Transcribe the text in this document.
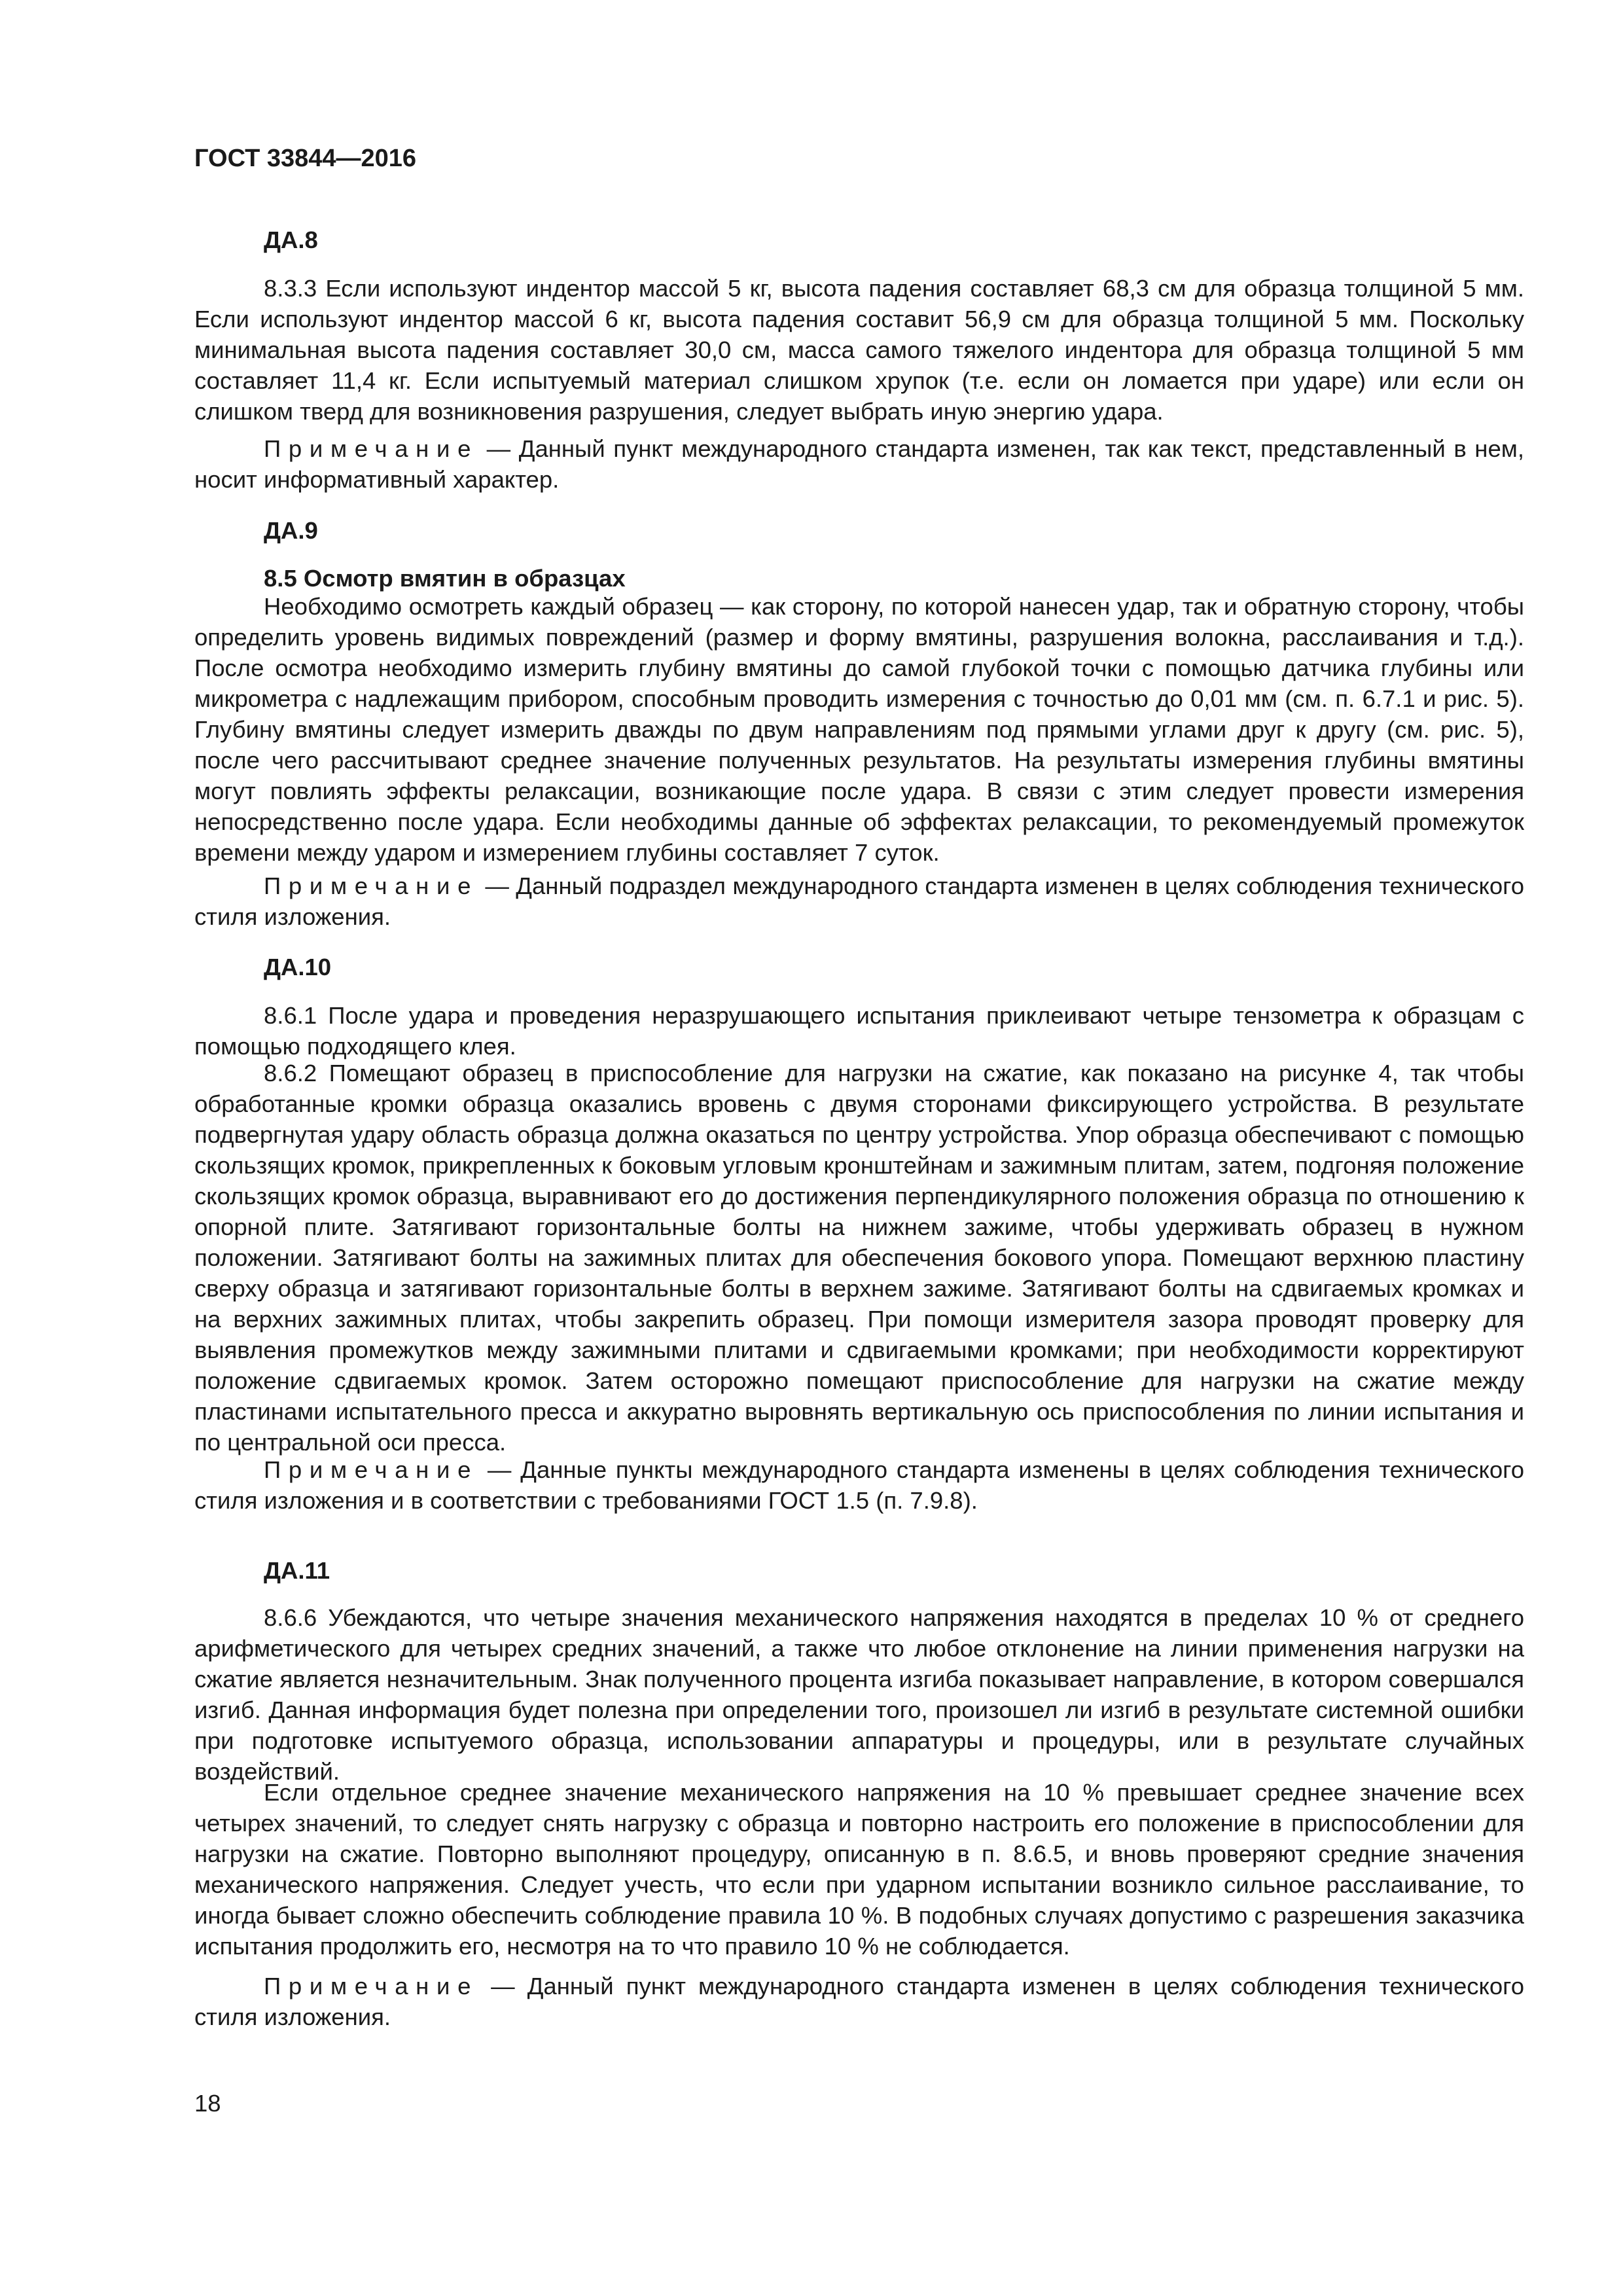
ГОСТ 33844—2016
ДА.8

8.3.3 Если используют индентор массой 5 кг, высота падения составляет 68,3 см для образца толщиной 5 мм. Если используют индентор массой 6 кг, высота падения составит 56,9 см для образца толщиной 5 мм. Поскольку минимальная высота падения составляет 30,0 см, масса самого тяжелого индентора для образца толщиной 5 мм составляет 11,4 кг. Если испытуемый материал слишком хрупок (т.е. если он ломается при ударе) или если он слишком тверд для возникновения разрушения, следует выбрать иную энергию удара.

Примечание — Данный пункт международного стандарта изменен, так как текст, представленный в нем, носит информативный характер.

ДА.9
8.5 Осмотр вмятин в образцах

Необходимо осмотреть каждый образец — как сторону, по которой нанесен удар, так и обратную сторону, чтобы определить уровень видимых повреждений (размер и форму вмятины, разрушения волокна, расслаивания и т.д.). После осмотра необходимо измерить глубину вмятины до самой глубокой точки с помощью датчика глубины или микрометра с надлежащим прибором, способным проводить измерения с точностью до 0,01 мм (см. п. 6.7.1 и рис. 5). Глубину вмятины следует измерить дважды по двум направлениям под прямыми углами друг к другу (см. рис. 5), после чего рассчитывают среднее значение полученных результатов. На результаты измерения глубины вмятины могут повлиять эффекты релаксации, возникающие после удара. В связи с этим следует провести измерения непосредственно после удара. Если необходимы данные об эффектах релаксации, то рекомендуемый промежуток времени между ударом и измерением глубины составляет 7 суток.

Примечание — Данный подраздел международного стандарта изменен в целях соблюдения технического стиля изложения.

ДА.10

8.6.1 После удара и проведения неразрушающего испытания приклеивают четыре тензометра к образцам с помощью подходящего клея.

8.6.2 Помещают образец в приспособление для нагрузки на сжатие, как показано на рисунке 4, так чтобы обработанные кромки образца оказались вровень с двумя сторонами фиксирующего устройства. В результате подвергнутая удару область образца должна оказаться по центру устройства. Упор образца обеспечивают с помощью скользящих кромок, прикрепленных к боковым угловым кронштейнам и зажимным плитам, затем, подгоняя положение скользящих кромок образца, выравнивают его до достижения перпендикулярного положения образца по отношению к опорной плите. Затягивают горизонтальные болты на нижнем зажиме, чтобы удерживать образец в нужном положении. Затягивают болты на зажимных плитах для обеспечения бокового упора. Помещают верхнюю пластину сверху образца и затягивают горизонтальные болты в верхнем зажиме. Затягивают болты на сдвигаемых кромках и на верхних зажимных плитах, чтобы закрепить образец. При помощи измерителя зазора проводят проверку для выявления промежутков между зажимными плитами и сдвигаемыми кромками; при необходимости корректируют положение сдвигаемых кромок. Затем осторожно помещают приспособление для нагрузки на сжатие между пластинами испытательного пресса и аккуратно выровнять вертикальную ось приспособления по линии испытания и по центральной оси пресса.

Примечание — Данные пункты международного стандарта изменены в целях соблюдения технического стиля изложения и в соответствии с требованиями ГОСТ 1.5 (п. 7.9.8).

ДА.11

8.6.6 Убеждаются, что четыре значения механического напряжения находятся в пределах 10 % от среднего арифметического для четырех средних значений, а также что любое отклонение на линии применения нагрузки на сжатие является незначительным. Знак полученного процента изгиба показывает направление, в котором совершался изгиб. Данная информация будет полезна при определении того, произошел ли изгиб в результате системной ошибки при подготовке испытуемого образца, использовании аппаратуры и процедуры, или в результате случайных воздействий.

Если отдельное среднее значение механического напряжения на 10 % превышает среднее значение всех четырех значений, то следует снять нагрузку с образца и повторно настроить его положение в приспособлении для нагрузки на сжатие. Повторно выполняют процедуру, описанную в п. 8.6.5, и вновь проверяют средние значения механического напряжения. Следует учесть, что если при ударном испытании возникло сильное расслаивание, то иногда бывает сложно обеспечить соблюдение правила 10 %. В подобных случаях допустимо с разрешения заказчика испытания продолжить его, несмотря на то что правило 10 % не соблюдается.

Примечание — Данный пункт международного стандарта изменен в целях соблюдения технического стиля изложения.

18
